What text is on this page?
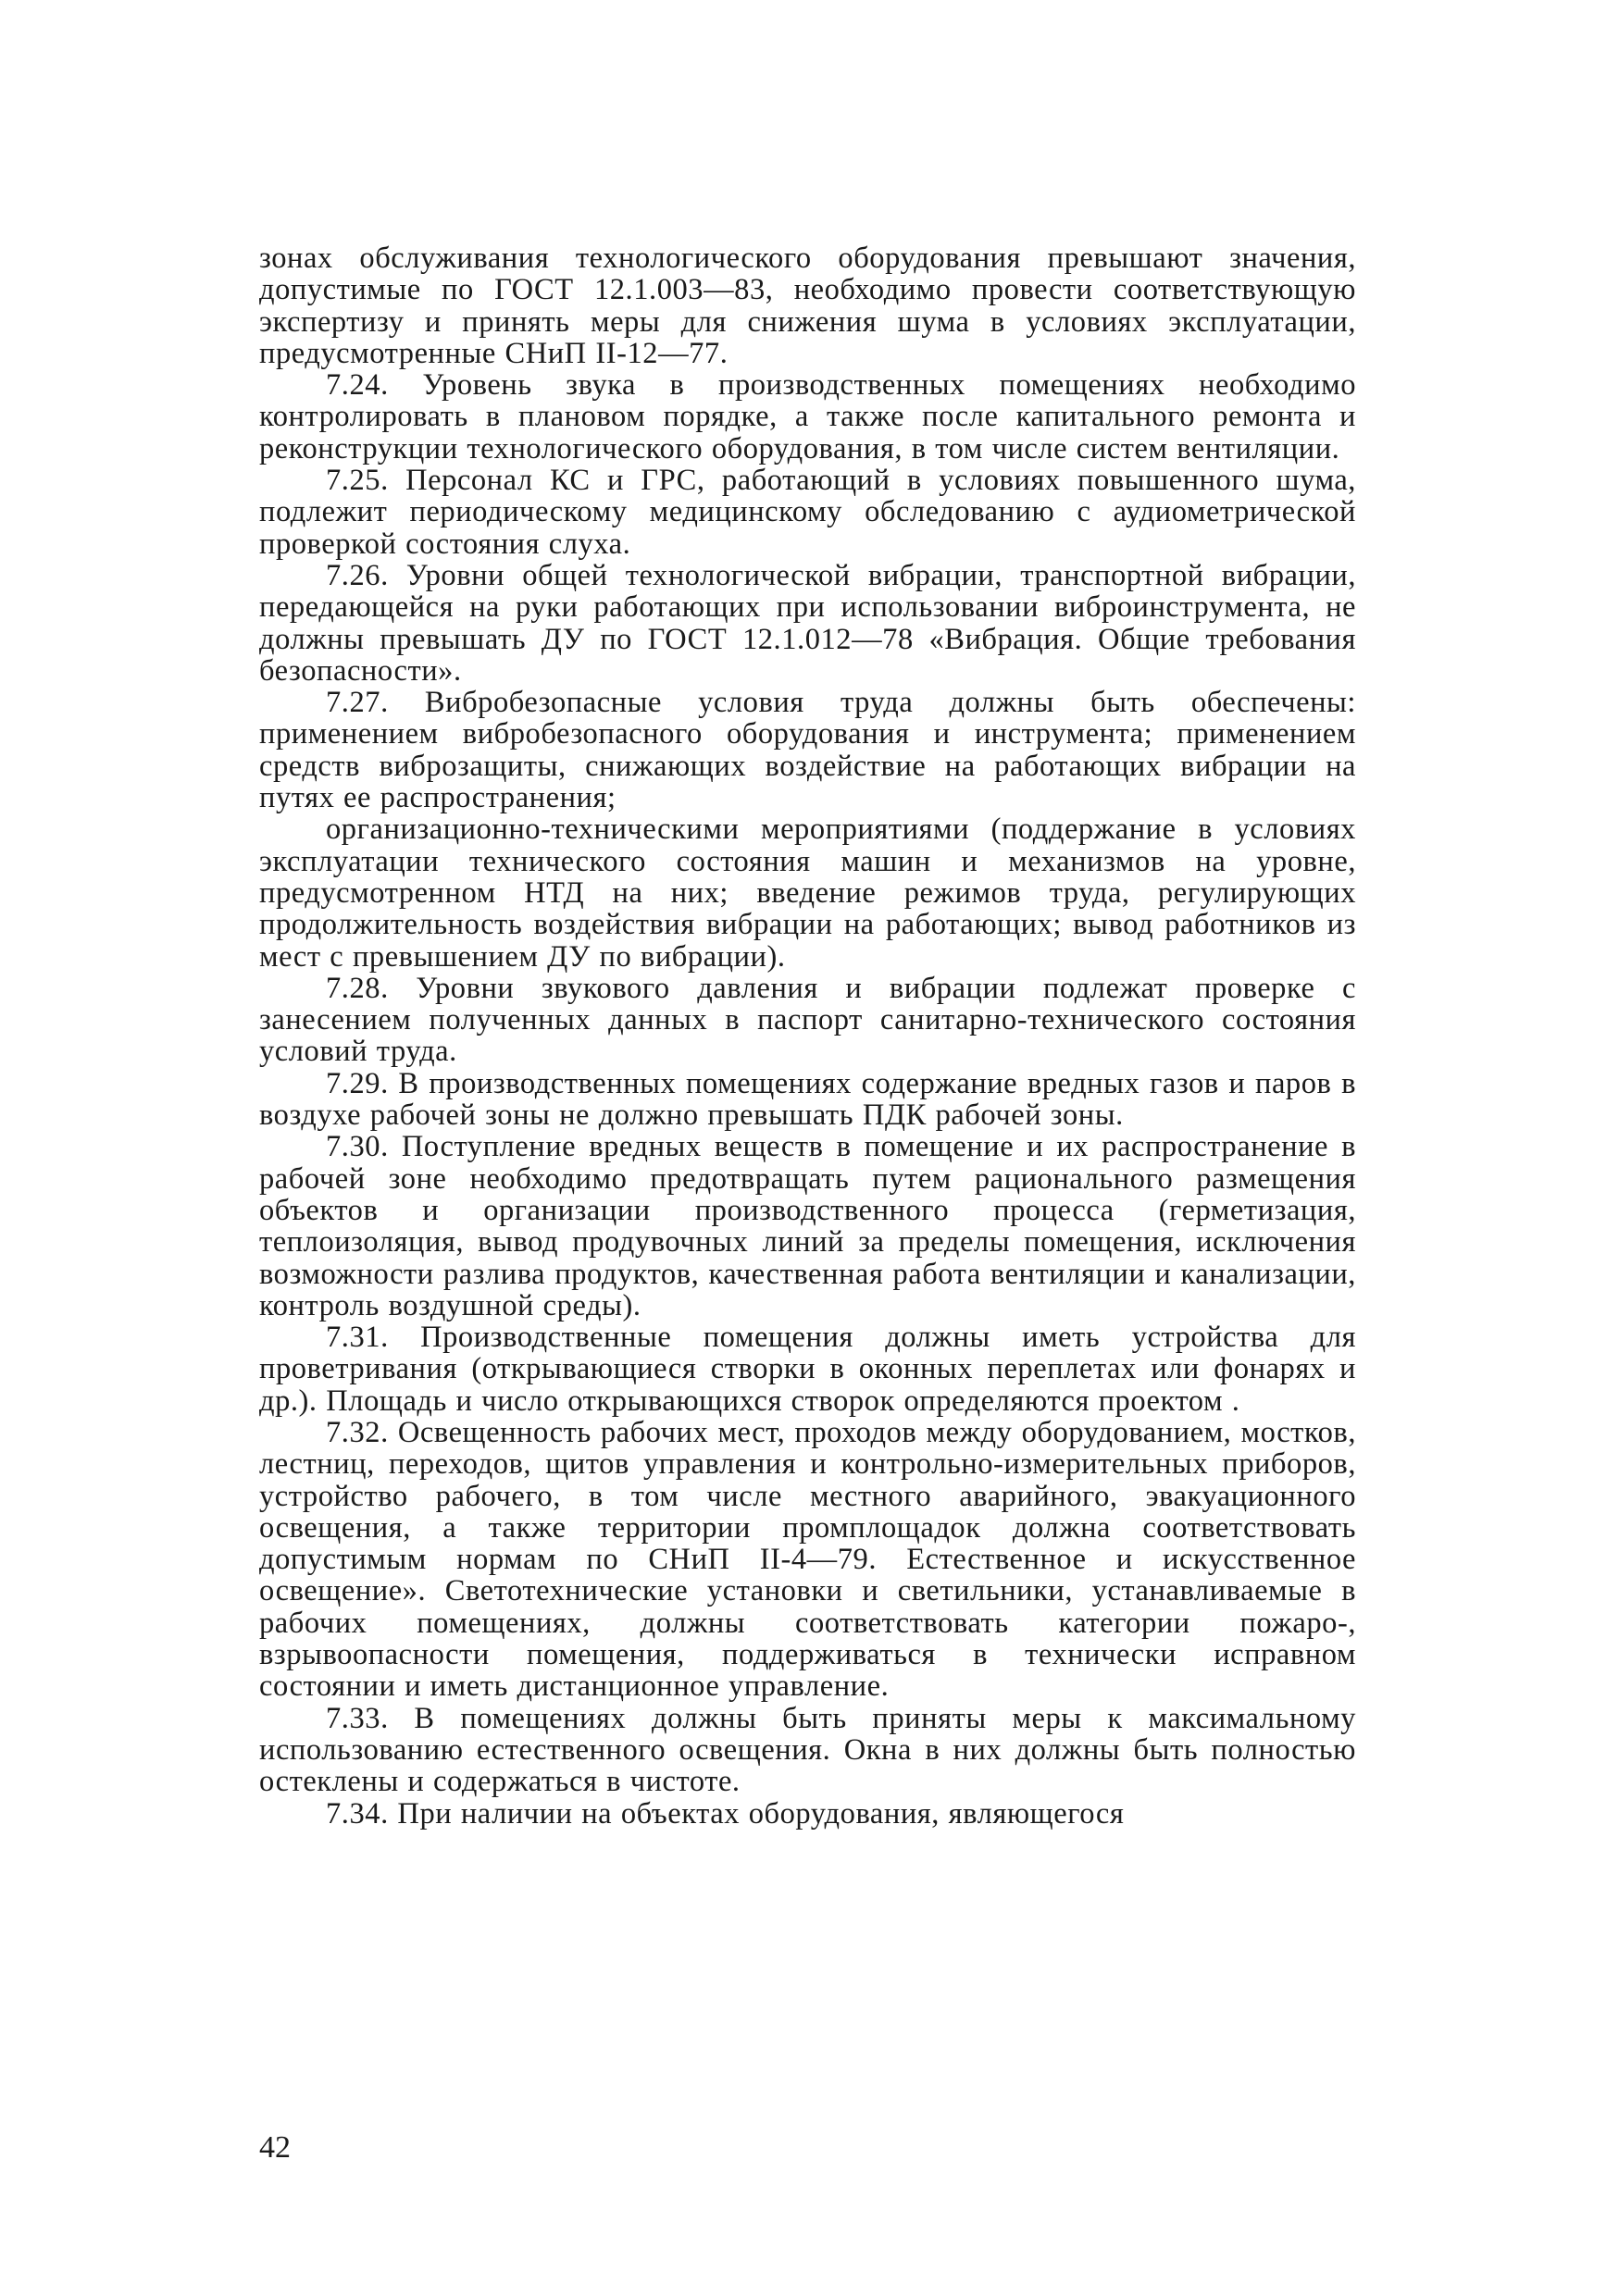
зонах обслуживания технологического оборудования превышают значения, допустимые по ГОСТ 12.1.003—83, необходимо провести соответствующую экспертизу и принять меры для снижения шума в условиях эксплуатации, предусмотренные СНиП II-12—77.

7.24. Уровень звука в производственных помещениях необходимо контролировать в плановом порядке, а также после капитального ремонта и реконструкции технологического оборудования, в том числе систем вентиляции.

7.25. Персонал КС и ГРС, работающий в условиях повышенного шума, подлежит периодическому медицинскому обследованию с аудиометрической проверкой состояния слуха.

7.26. Уровни общей технологической вибрации, транспортной вибрации, передающейся на руки работающих при использовании виброинструмента, не должны превышать ДУ по ГОСТ 12.1.012—78 «Вибрация. Общие требования безопасности».

7.27. Вибробезопасные условия труда должны быть обеспечены: применением вибробезопасного оборудования и инструмента; применением средств виброзащиты, снижающих воздействие на работающих вибрации на путях ее распространения;

организационно-техническими мероприятиями (поддержание в условиях эксплуатации технического состояния машин и механизмов на уровне, предусмотренном НТД на них; введение режимов труда, регулирующих продолжительность воздействия вибрации на работающих; вывод работников из мест с превышением ДУ по вибрации).

7.28. Уровни звукового давления и вибрации подлежат проверке с занесением полученных данных в паспорт санитарно-технического состояния условий труда.

7.29. В производственных помещениях содержание вредных газов и паров в воздухе рабочей зоны не должно превышать ПДК рабочей зоны.

7.30. Поступление вредных веществ в помещение и их распространение в рабочей зоне необходимо предотвращать путем рационального размещения объектов и организации производственного процесса (герметизация, теплоизоляция, вывод продувочных линий за пределы помещения, исключения возможности разлива продуктов, качественная работа вентиляции и канализации, контроль воздушной среды).

7.31. Производственные помещения должны иметь устройства для проветривания (открывающиеся створки в оконных переплетах или фонарях и др.). Площадь и число открывающихся створок определяются проектом .

7.32. Освещенность рабочих мест, проходов между оборудованием, мостков, лестниц, переходов, щитов управления и контрольно-измерительных приборов, устройство рабочего, в том числе местного аварийного, эвакуационного освещения, а также территории промплощадок должна соответствовать допустимым нормам по СНиП II-4—79. Естественное и искусственное освещение». Светотехнические установки и светильники, устанавливаемые в рабочих помещениях, должны соответствовать категории пожаро-, взрывоопасности помещения, поддерживаться в технически исправном состоянии и иметь дистанционное управление.

7.33. В помещениях должны быть приняты меры к максимальному использованию естественного освещения. Окна в них должны быть полностью остеклены и содержаться в чистоте.

7.34. При наличии на объектах оборудования, являющегося

42
